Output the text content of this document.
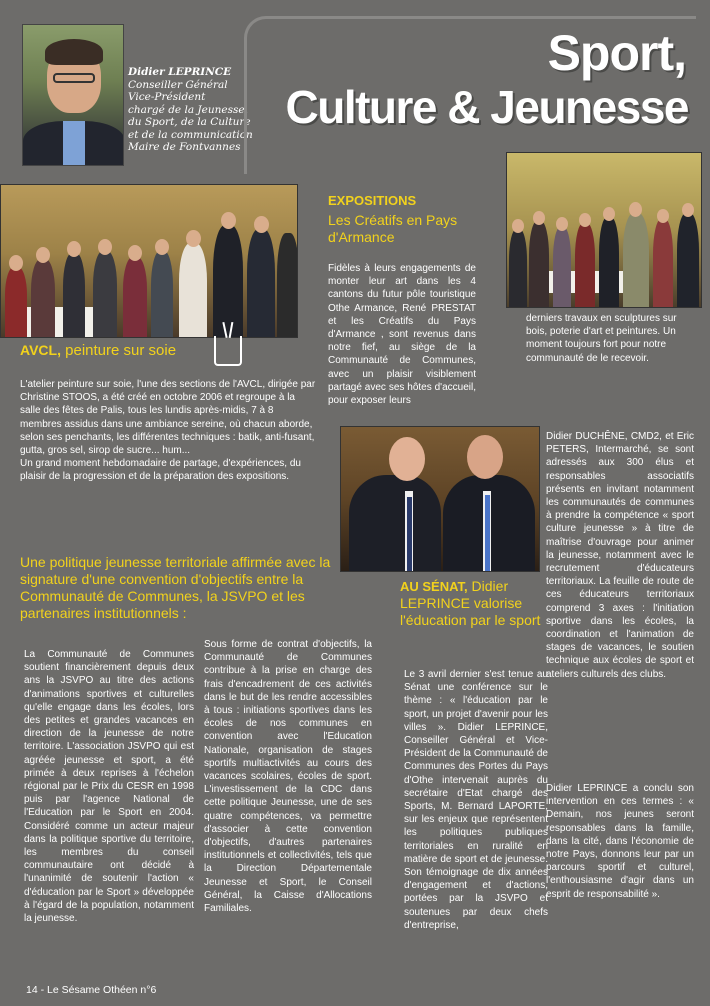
Didier LEPRINCE
Conseiller Général
Vice-Président
chargé de la Jeunesse,
du Sport, de la Culture
et de la communication
Maire de Fontvannes
Sport,
Culture & Jeunesse
AVCL, peinture sur soie

L'atelier peinture sur soie, l'une des sections de l'AVCL, dirigée par Christine STOOS, a été créé en octobre 2006 et regroupe à la salle des fêtes de Palis, tous les lundis après-midis, 7 à 8 membres assidus dans une ambiance sereine, où chacun aborde, selon ses penchants, les différentes techniques : batik, anti-fusant, gutta, gros sel, sirop de sucre... hum...

Un grand moment hebdomadaire de partage, d'expériences, du plaisir de la progression et de la préparation des expositions.

EXPOSITIONS
Les Créatifs en Pays d'Armance
Fidèles à leurs engagements de monter leur art dans les 4 cantons du futur pôle touristique Othe Armance, René PRESTAT et les Créatifs du Pays d'Armance , sont revenus dans notre fief, au siège de la Communauté de Communes, avec un plaisir visiblement partagé avec ses hôtes d'accueil, pour exposer leurs
derniers travaux en sculptures sur bois, poterie d'art et peintures. Un moment toujours fort pour notre communauté de le recevoir.
Une politique jeunesse territoriale affirmée avec la signature d'une convention d'objectifs entre la Communauté de Communes, la JSVPO et les partenaires institutionnels :
La Communauté de Communes soutient financièrement depuis deux ans la JSVPO au titre des actions d'animations sportives et culturelles qu'elle engage dans les écoles, lors des petites et grandes vacances en direction de la jeunesse de notre territoire. L'association JSVPO qui est agréée jeunesse et sport, a été primée à deux reprises à l'échelon régional par le Prix du CESR en 1998 puis par l'agence National de l'Education par le Sport en 2004. Considéré comme un acteur majeur dans la politique sportive du territoire, les membres du conseil communautaire ont décidé à l'unanimité de soutenir l'action « d'éducation par le Sport » développée à l'égard de la population, notamment la jeunesse.
Sous forme de contrat d'objectifs, la Communauté de Communes contribue à la prise en charge des frais d'encadrement de ces activités dans le but de les rendre accessibles à tous : initiations sportives dans les écoles de nos communes en convention avec l'Education Nationale, organisation de stages sportifs multiactivités au cours des vacances scolaires, écoles de sport. L'investissement de la CDC dans cette politique Jeunesse, une de ses quatre compétences, va permettre d'associer à cette convention d'objectifs, d'autres partenaires institutionnels et collectivités, tels que la Direction Départementale Jeunesse et Sport, le Conseil Général, la Caisse d'Allocations Familiales.
AU SÉNAT, Didier LEPRINCE valorise l'éducation par le sport
Le 3 avril dernier s'est tenue au Sénat une conférence sur le thème : « l'éducation par le sport, un projet d'avenir pour les villes ». Didier LEPRINCE, Conseiller Général et Vice-Président de la Communauté de Communes des Portes du Pays d'Othe intervenait auprès du secrétaire d'Etat chargé des Sports, M. Bernard LAPORTE, sur les enjeux que représentent les politiques publiques territoriales en ruralité en matière de sport et de jeunesse. Son témoignage de dix années d'engagement et d'actions, portées par la JSVPO et soutenues par deux chefs d'entreprise,
Didier DUCHÊNE, CMD2, et Eric PETERS, Intermarché, se sont adressés aux 300 élus et responsables associatifs présents en invitant notamment les communautés de communes à prendre la compétence « sport culture jeunesse » à titre de maîtrise d'ouvrage pour animer la jeunesse, notamment avec le recrutement d'éducateurs territoriaux. La feuille de route de ces éducateurs territoriaux comprend 3 axes : l'initiation sportive dans les écoles, la coordination et l'animation de stages de vacances, le soutien technique aux écoles de sport et ateliers culturels des clubs.
Didier LEPRINCE a conclu son intervention en ces termes : « Demain, nos jeunes seront responsables dans la famille, dans la cité, dans l'économie de notre Pays, donnons leur par un parcours sportif et culturel, l'enthousiasme d'agir dans un esprit de responsabilité ».
14 - Le Sésame Othéen n°6
